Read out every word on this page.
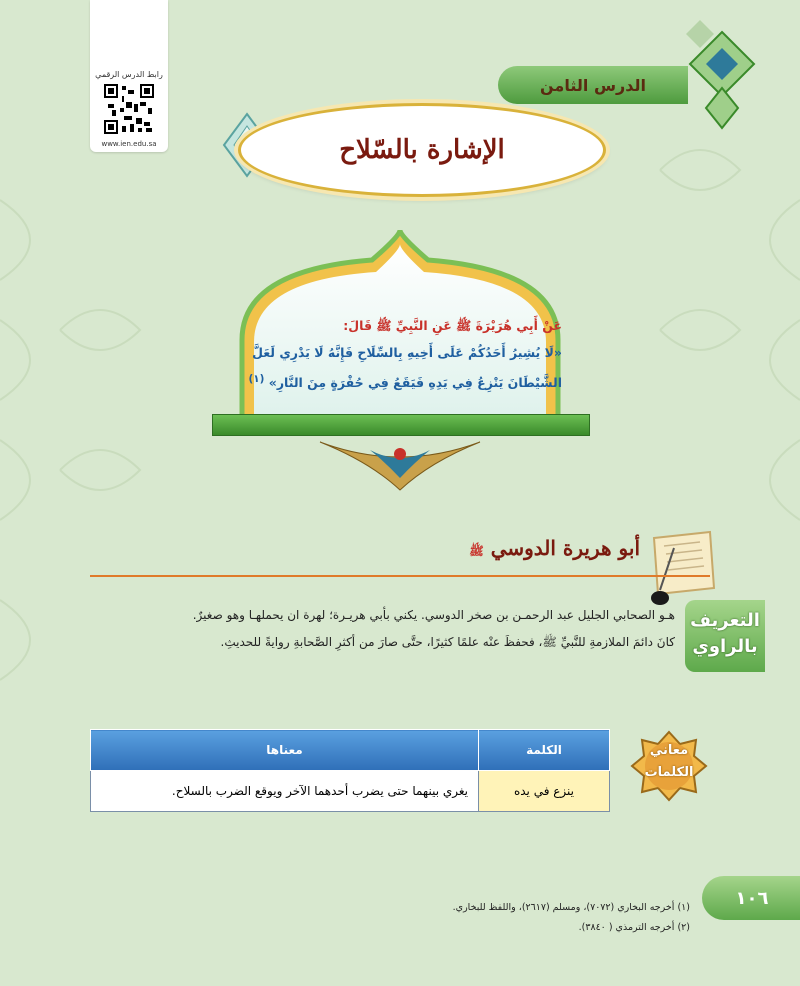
رابط الدرس الرقمي
www.ien.edu.sa
الدرس الثامن
الإشارة بالسّلاح
عَنْ أَبِي هُرَيْرَةَ ﷺ عَنِ النَّبِيِّ ﷺ قَالَ:
«لَا يُشِيرُ أَحَدُكُمْ عَلَى أَخِيهِ بِالسِّلَاحِ فَإِنَّهُ لَا يَدْرِي لَعَلَّ الشَّيْطَانَ يَنْزِعُ فِي يَدِهِ فَيَقَعُ فِي حُفْرَةٍ مِنَ النَّارِ» $^{(١)}$
أبو هريرة الدوسي ﷺ
التعريف
بالراوي
هـو الصحابي الجليل عبد الرحمـن بن صخر الدوسي. يكني بأبي هريـرة؛ لهرة ان يحملهـا وهو صغيرٌ.
كانَ دائمَ الملازمةِ للنَّبيِّ ﷺ، فحفظَ عنْه علمًا كثيرًا، حتَّى صارَ من أكثرِ الصَّحابةِ روايةً للحديثِ.
معاني
الكلمات
الكلمة	معناها
ينزع في يده	يغري بينهما حتى يضرب أحدهما الآخر ويوقع الضرب بالسلاح.
١٠٦
(١) أخرجه البخاري (٧٠٧٢)، ومسلم (٢٦١٧)، واللفظ للبخاري.
(٢) أخرجه الترمذي ( ٣٨٤٠).
